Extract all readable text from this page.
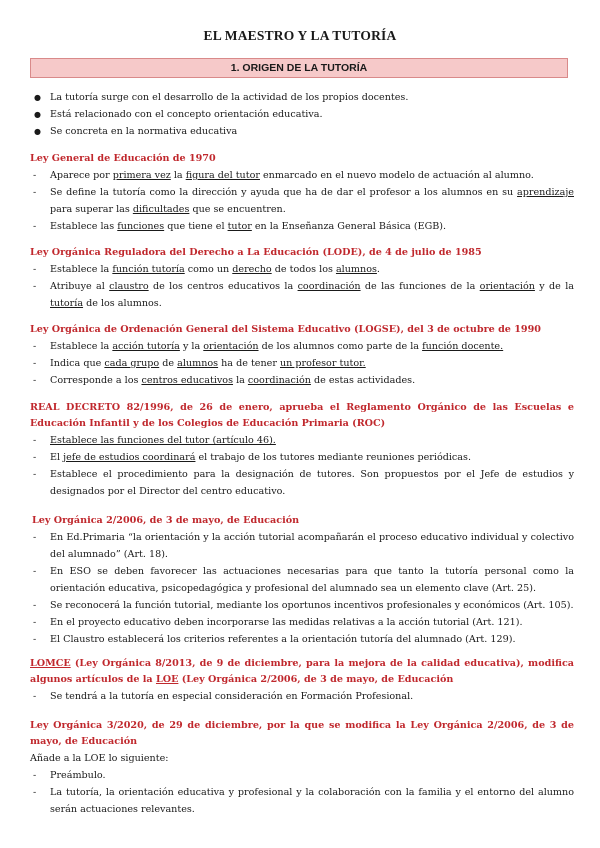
EL MAESTRO Y LA TUTORÍA
1. ORIGEN DE LA TUTORÍA
● La tutoría surge con el desarrollo de la actividad de los propios docentes.
● Está relacionado con el concepto orientación educativa.
● Se concreta en la normativa educativa
Ley General de Educación de 1970
- Aparece por primera vez la figura del tutor enmarcado en el nuevo modelo de actuación al alumno.
- Se define la tutoría como la dirección y ayuda que ha de dar el profesor a los alumnos en su aprendizaje para superar las dificultades que se encuentren.
- Establece las funciones que tiene el tutor en la Enseñanza General Básica (EGB).
Ley Orgánica Reguladora del Derecho a La Educación (LODE), de 4 de julio de 1985
- Establece la función tutoría como un derecho de todos los alumnos.
- Atribuye al claustro de los centros educativos la coordinación de las funciones de la orientación y de la tutoría de los alumnos.
Ley Orgánica de Ordenación General del Sistema Educativo (LOGSE), del 3 de octubre de 1990
- Establece la acción tutoría y la orientación de los alumnos como parte de la función docente.
- Indica que cada grupo de alumnos ha de tener un profesor tutor.
- Corresponde a los centros educativos la coordinación de estas actividades.
REAL DECRETO 82/1996, de 26 de enero, aprueba el Reglamento Orgánico de las Escuelas e Educación Infantil y de los Colegios de Educación Primaria (ROC)
- Establece las funciones del tutor (artículo 46).
- El jefe de estudios coordinará el trabajo de los tutores mediante reuniones periódicas.
- Establece el procedimiento para la designación de tutores. Son propuestos por el Jefe de estudios y designados por el Director del centro educativo.
Ley Orgánica 2/2006, de 3 de mayo, de Educación
- En Ed.Primaria “la orientación y la acción tutorial acompañarán el proceso educativo individual y colectivo del alumnado” (Art. 18).
- En ESO se deben favorecer las actuaciones necesarias para que tanto la tutoría personal como la orientación educativa, psicopedagógica y profesional del alumnado sea un elemento clave (Art. 25).
- Se reconocerá la función tutorial, mediante los oportunos incentivos profesionales y económicos (Art. 105).
- En el proyecto educativo deben incorporarse las medidas relativas a la acción tutorial (Art. 121).
- El Claustro establecerá los criterios referentes a la orientación tutoría del alumnado (Art. 129).
LOMCE (Ley Orgánica 8/2013, de 9 de diciembre, para la mejora de la calidad educativa), modifica algunos artículos de la LOE (Ley Orgánica 2/2006, de 3 de mayo, de Educación
- Se tendrá a la tutoría en especial consideración en Formación Profesional.
Ley Orgánica 3/2020, de 29 de diciembre, por la que se modifica la Ley Orgánica 2/2006, de 3 de mayo, de Educación
Añade a la LOE lo siguiente:
- Preámbulo.
- La tutoría, la orientación educativa y profesional y la colaboración con la familia y el entorno del alumno serán actuaciones relevantes.
